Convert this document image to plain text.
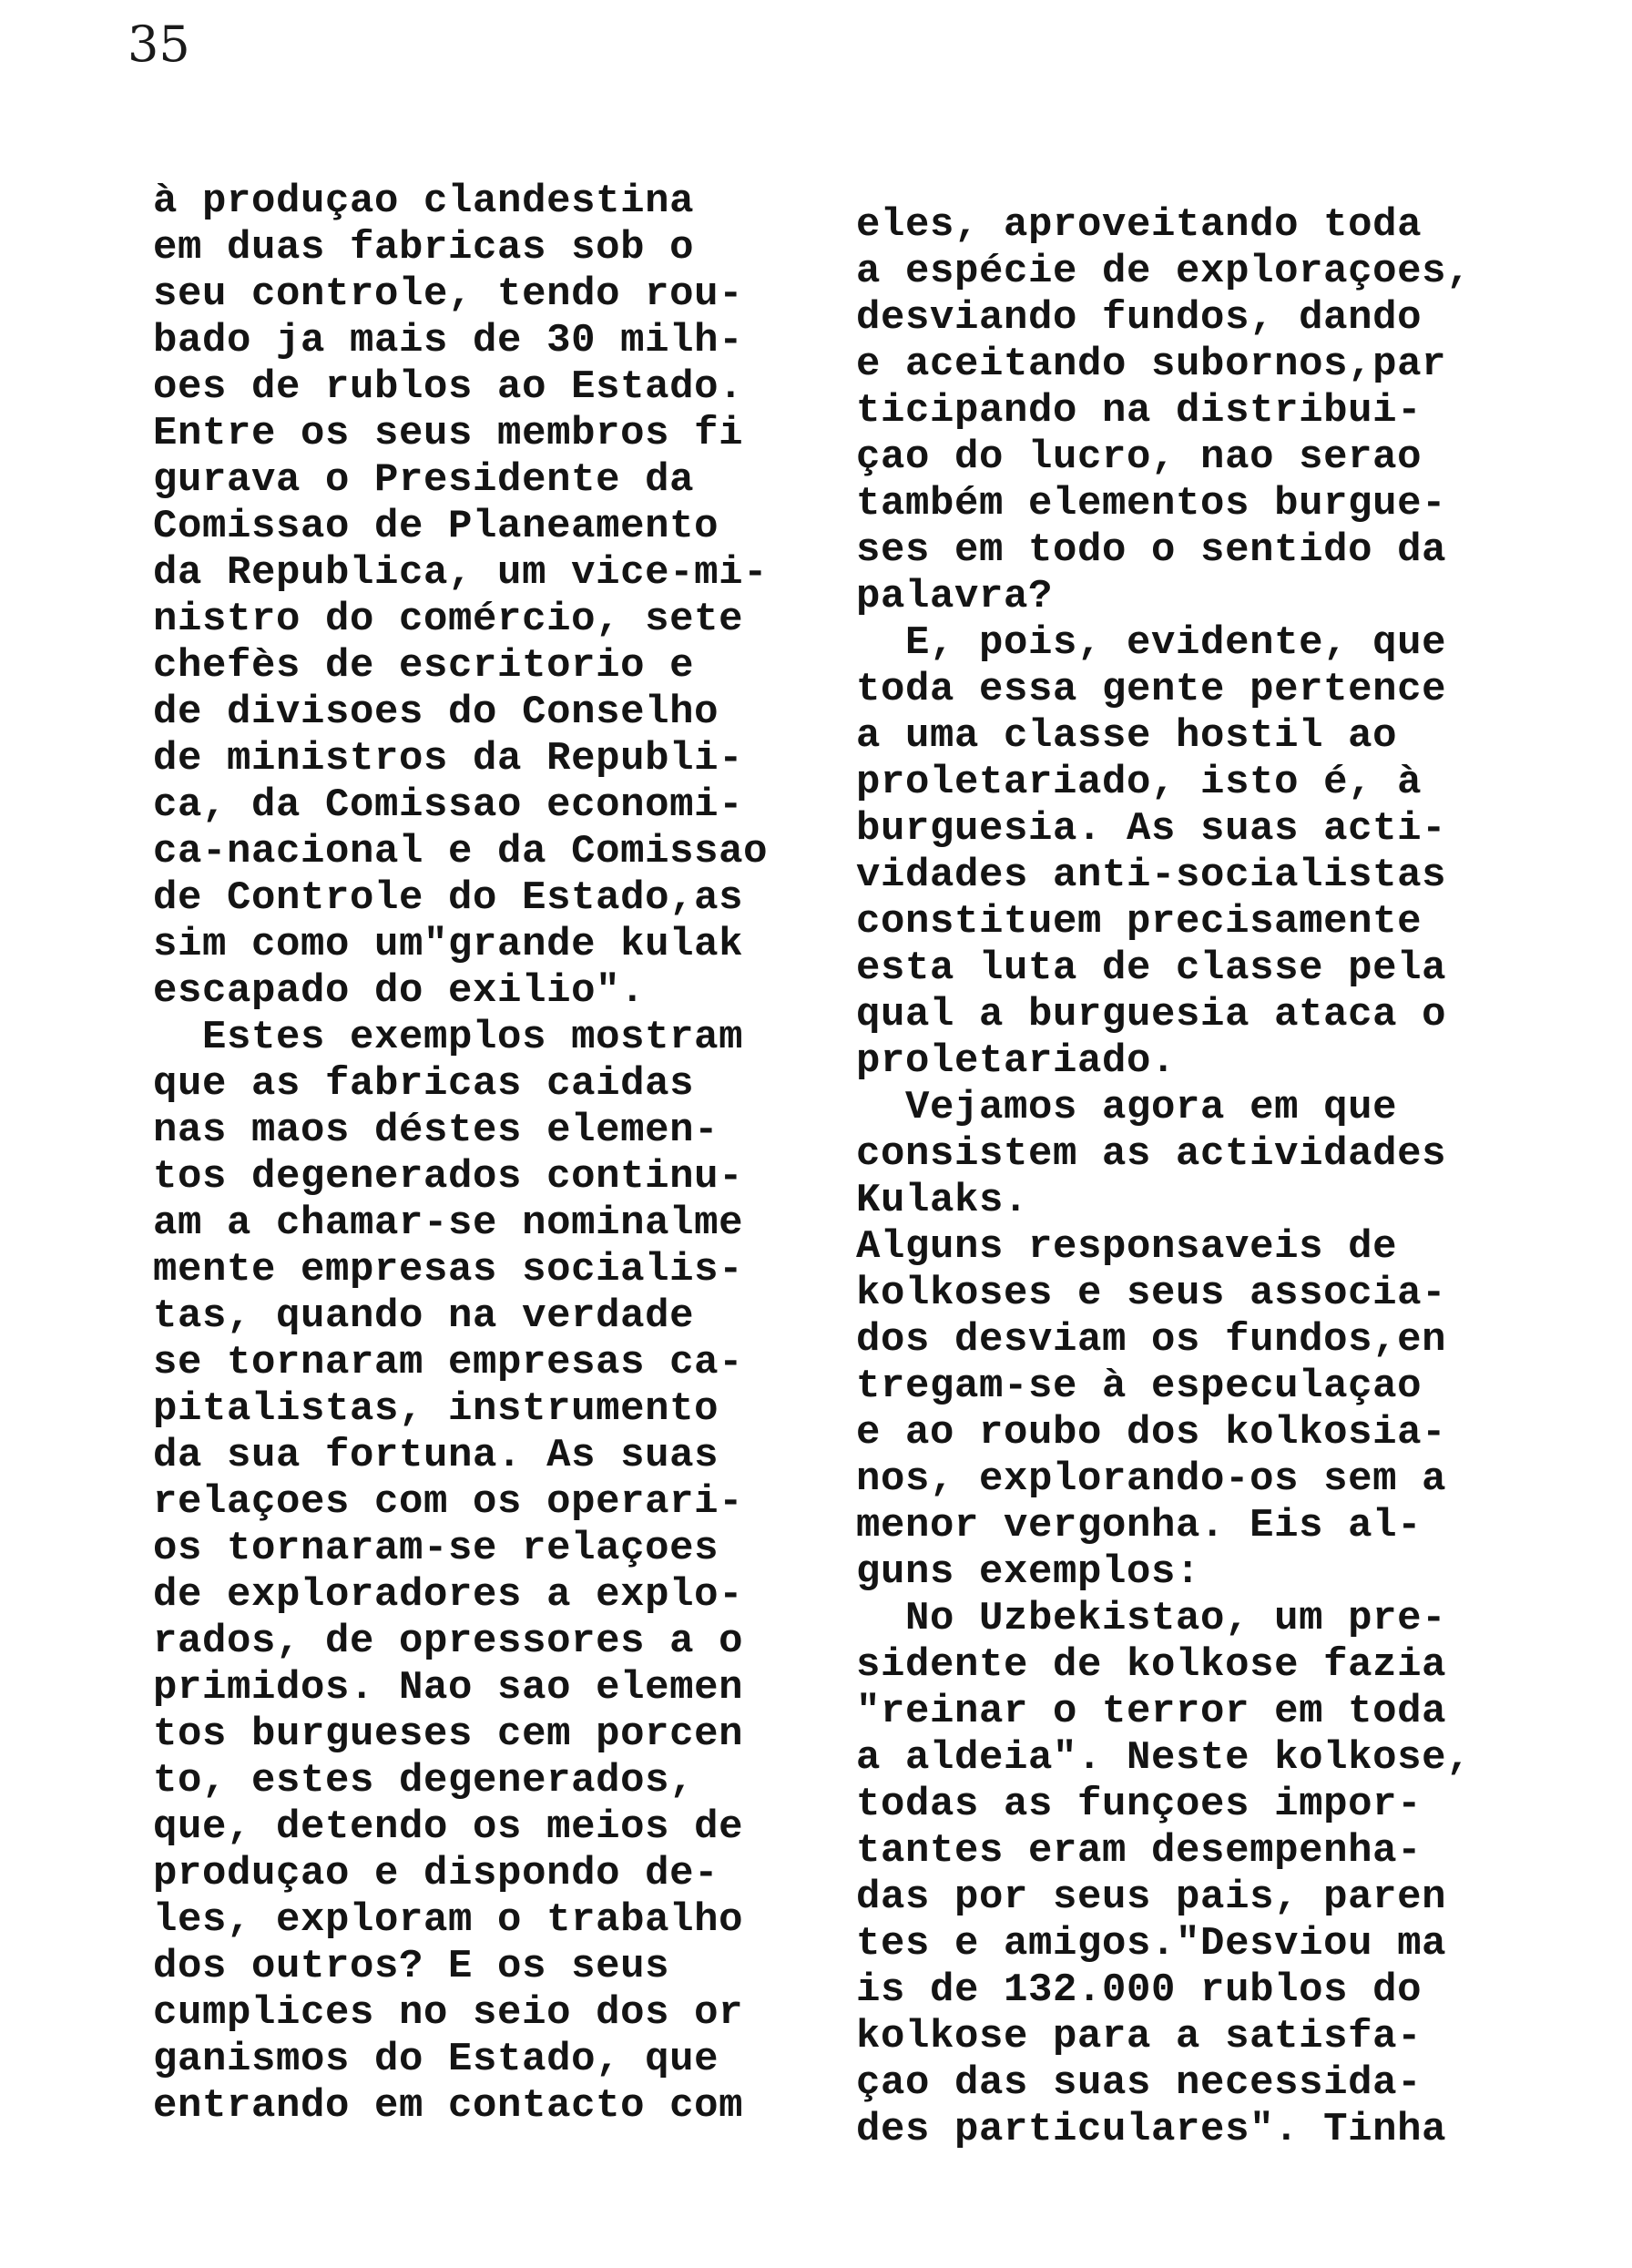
35
à produçao clandestina
em duas fabricas sob o
seu controle, tendo rou-
bado ja mais de 30 milh-
oes de rublos ao Estado.
Entre os seus membros fi
gurava o Presidente da
Comissao de Planeamento
da Republica, um vice-mi-
nistro do comércio, sete
chefès de escritorio e
de divisoes do Conselho
de ministros da Republi-
ca, da Comissao economi-
ca-nacional e da Comissao
de Controle do Estado,as
sim como um"grande kulak
escapado do exilio".
Estes exemplos mostram
que as fabricas caidas
nas maos déstes elemen-
tos degenerados continu-
am a chamar-se nominalme
mente empresas socialis-
tas, quando na verdade
se tornaram empresas ca-
pitalistas, instrumento
da sua fortuna. As suas
relaçoes com os operari-
os tornaram-se relaçoes
de exploradores a explo-
rados, de opressores a o
primidos. Nao sao elemen
tos burgueses cem porcen
to, estes degenerados,
que, detendo os meios de
produçao e dispondo de-
les, exploram o trabalho
dos outros? E os seus
cumplices no seio dos or
ganismos do Estado, que
entrando em contacto com
eles, aproveitando toda
a espécie de exploraçoes,
desviando fundos, dando
e aceitando subornos,par
ticipando na distribui-
çao do lucro, nao serao
também elementos burgue-
ses em todo o sentido da
palavra?
E, pois, evidente, que
toda essa gente pertence
a uma classe hostil ao
proletariado, isto é, à
burguesia. As suas acti-
vidades anti-socialistas
constituem precisamente
esta luta de classe pela
qual a burguesia ataca o
proletariado.
Vejamos agora em que
consistem as actividades
Kulaks.
Alguns responsaveis de
kolkoses e seus associa-
dos desviam os fundos,en
tregam-se à especulaçao
e ao roubo dos kolkosia-
nos, explorando-os sem a
menor vergonha. Eis al-
guns exemplos:
No Uzbekistao, um pre-
sidente de kolkose fazia
"reinar o terror em toda
a aldeia". Neste kolkose,
todas as funçoes impor-
tantes eram desempenha-
das por seus pais, paren
tes e amigos."Desviou ma
is de 132.000 rublos do
kolkose para a satisfa-
çao das suas necessida-
des particulares". Tinha
